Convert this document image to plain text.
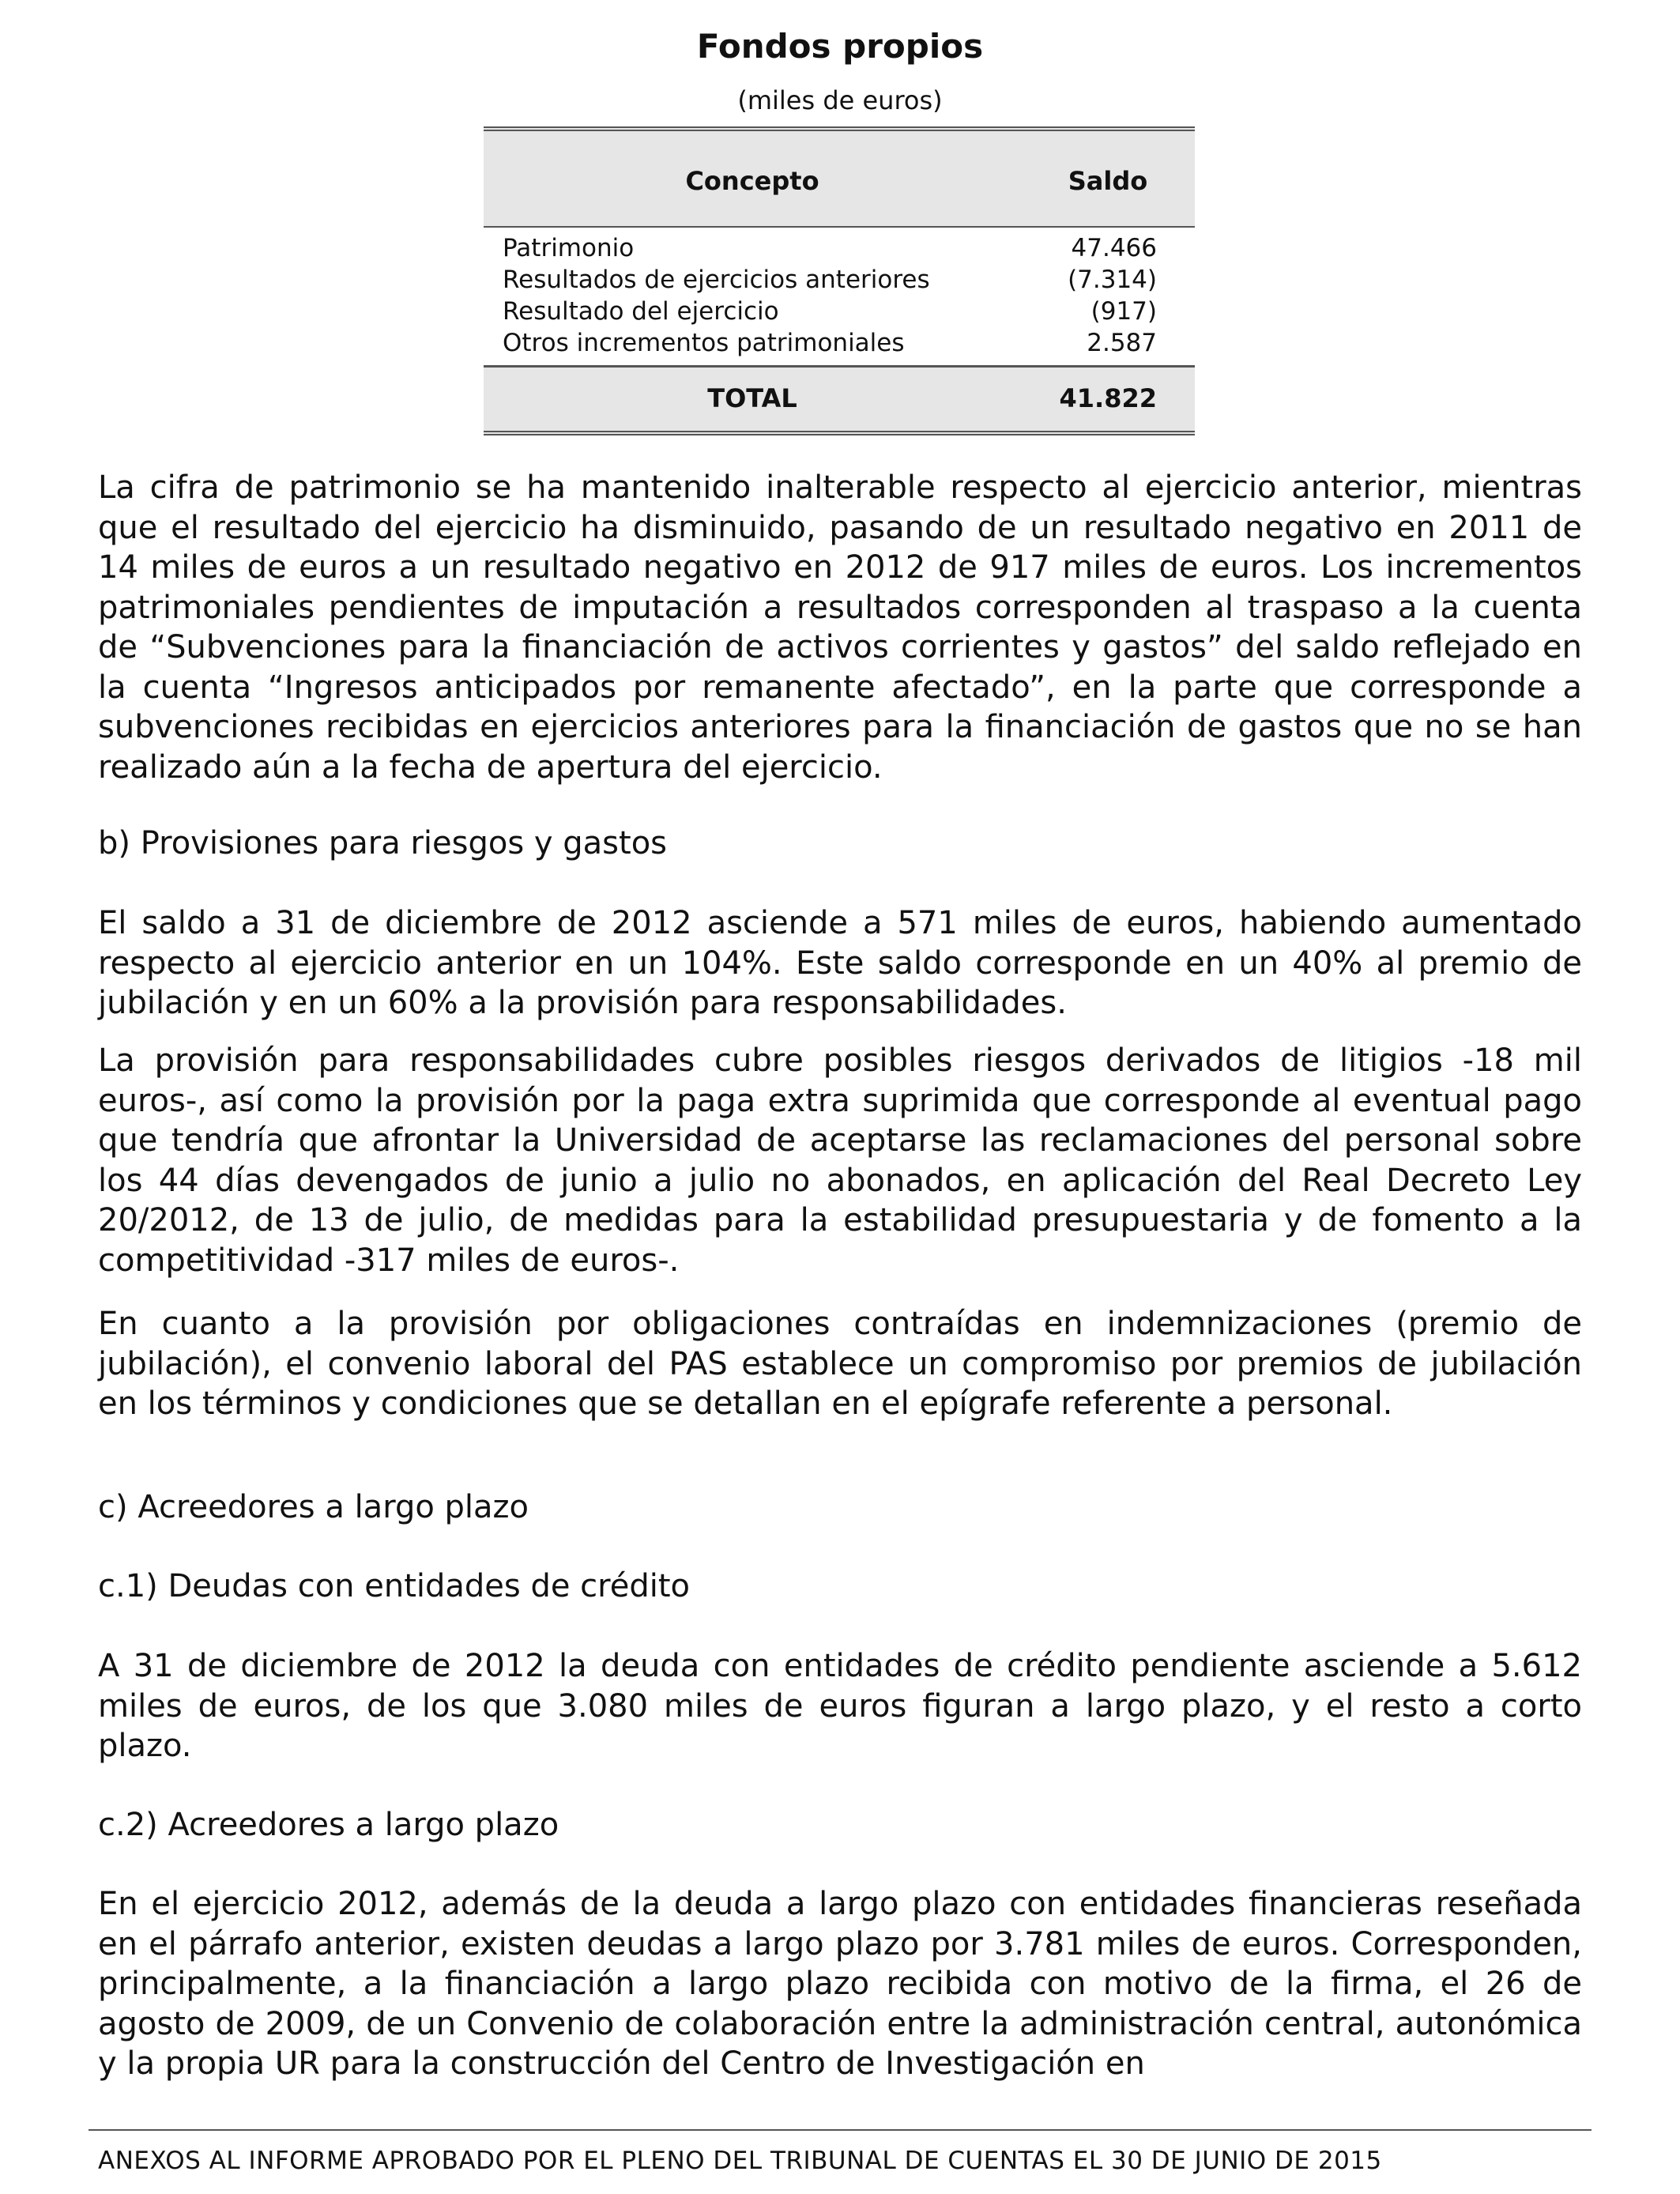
Fondos propios
(miles de euros)
Concepto	Saldo
Patrimonio	47.466
Resultados de ejercicios anteriores	(7.314)
Resultado del ejercicio	(917)
Otros incrementos patrimoniales	2.587
TOTAL	41.822

La cifra de patrimonio se ha mantenido inalterable respecto al ejercicio anterior, mientras que el resultado del ejercicio ha disminuido, pasando de un resultado negativo en 2011 de 14 miles de euros a un resultado negativo en 2012 de 917 miles de euros. Los incrementos patrimoniales pendientes de imputación a resultados corresponden al traspaso a la cuenta de “Subvenciones para la financiación de activos corrientes y gastos” del saldo reflejado en la cuenta “Ingresos anticipados por remanente afectado”, en la parte que corresponde a subvenciones recibidas en ejercicios anteriores para la financiación de gastos que no se han realizado aún a la fecha de apertura del ejercicio.

b) Provisiones para riesgos y gastos

El saldo a 31 de diciembre de 2012 asciende a 571 miles de euros, habiendo aumentado respecto al ejercicio anterior en un 104%. Este saldo corresponde en un 40% al premio de jubilación y en un 60% a la provisión para responsabilidades.

La provisión para responsabilidades cubre posibles riesgos derivados de litigios -18 mil euros-, así como la provisión por la paga extra suprimida que corresponde al eventual pago que tendría que afrontar la Universidad de aceptarse las reclamaciones del personal sobre los 44 días devengados de junio a julio no abonados, en aplicación del Real Decreto Ley 20/2012, de 13 de julio, de medidas para la estabilidad presupuestaria y de fomento a la competitividad -317 miles de euros-.

En cuanto a la provisión por obligaciones contraídas en indemnizaciones (premio de jubilación), el convenio laboral del PAS establece un compromiso por premios de jubilación en los términos y condiciones que se detallan en el epígrafe referente a personal.

c) Acreedores a largo plazo

c.1) Deudas con entidades de crédito

A 31 de diciembre de 2012 la deuda con entidades de crédito pendiente asciende a 5.612 miles de euros, de los que 3.080 miles de euros figuran a largo plazo, y el resto a corto plazo.

c.2) Acreedores a largo plazo

En el ejercicio 2012, además de la deuda a largo plazo con entidades financieras reseñada en el párrafo anterior, existen deudas a largo plazo por 3.781 miles de euros. Corresponden, principalmente, a la financiación a largo plazo recibida con motivo de la firma, el 26 de agosto de 2009, de un Convenio de colaboración entre la administración central, autonómica y la propia UR para la construcción del Centro de Investigación en

ANEXOS AL INFORME APROBADO POR EL PLENO DEL TRIBUNAL DE CUENTAS EL 30 DE JUNIO DE 2015
